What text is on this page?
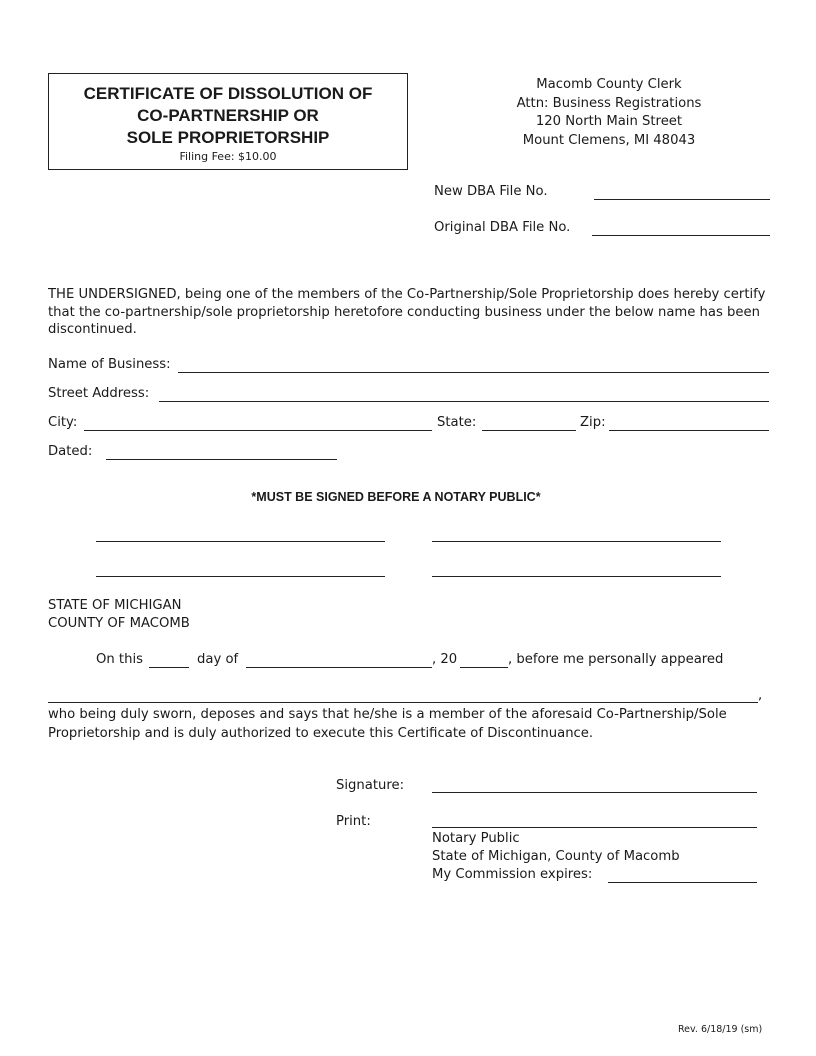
CERTIFICATE OF DISSOLUTION OF
CO-PARTNERSHIP OR
SOLE PROPRIETORSHIP
Filing Fee: $10.00
Macomb County Clerk
Attn: Business Registrations
120 North Main Street
Mount Clemens, MI 48043
New DBA File No.
Original DBA File No.
THE UNDERSIGNED, being one of the members of the Co-Partnership/Sole Proprietorship does hereby certify that the co-partnership/sole proprietorship heretofore conducting business under the below name has been discontinued.
Name of Business:
Street Address:
City:	State:	Zip:
Dated:
*MUST BE SIGNED BEFORE A NOTARY PUBLIC*
STATE OF MICHIGAN
COUNTY OF MACOMB
On this	day of	, 20	, before me personally appeared
,
who being duly sworn, deposes and says that he/she is a member of the aforesaid Co-Partnership/Sole Proprietorship and is duly authorized to execute this Certificate of Discontinuance.
Signature:
Print:
Notary Public
State of Michigan, County of Macomb
My Commission expires:
Rev. 6/18/19 (sm)
